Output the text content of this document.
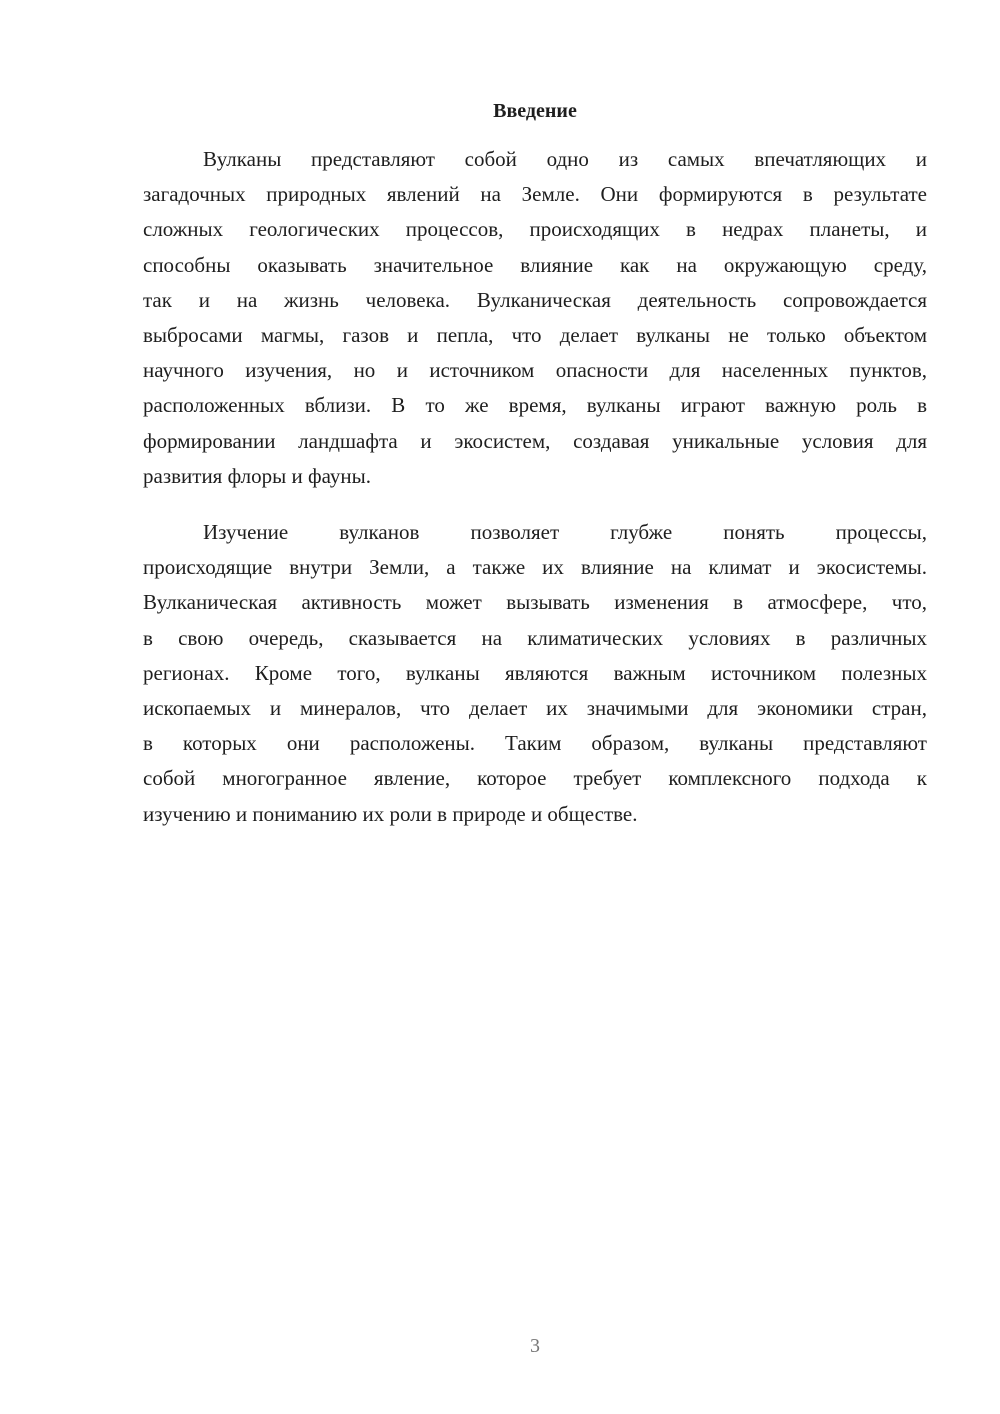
Введение
Вулканы представляют собой одно из самых впечатляющих и
загадочных природных явлений на Земле. Они формируются в результате
сложных геологических процессов, происходящих в недрах планеты, и
способны оказывать значительное влияние как на окружающую среду,
так и на жизнь человека. Вулканическая деятельность сопровождается
выбросами магмы, газов и пепла, что делает вулканы не только объектом
научного изучения, но и источником опасности для населенных пунктов,
расположенных вблизи. В то же время, вулканы играют важную роль в
формировании ландшафта и экосистем, создавая уникальные условия для
развития флоры и фауны.
Изучение вулканов позволяет глубже понять процессы,
происходящие внутри Земли, а также их влияние на климат и экосистемы.
Вулканическая активность может вызывать изменения в атмосфере, что,
в свою очередь, сказывается на климатических условиях в различных
регионах. Кроме того, вулканы являются важным источником полезных
ископаемых и минералов, что делает их значимыми для экономики стран,
в которых они расположены. Таким образом, вулканы представляют
собой многогранное явление, которое требует комплексного подхода к
изучению и пониманию их роли в природе и обществе.
3
